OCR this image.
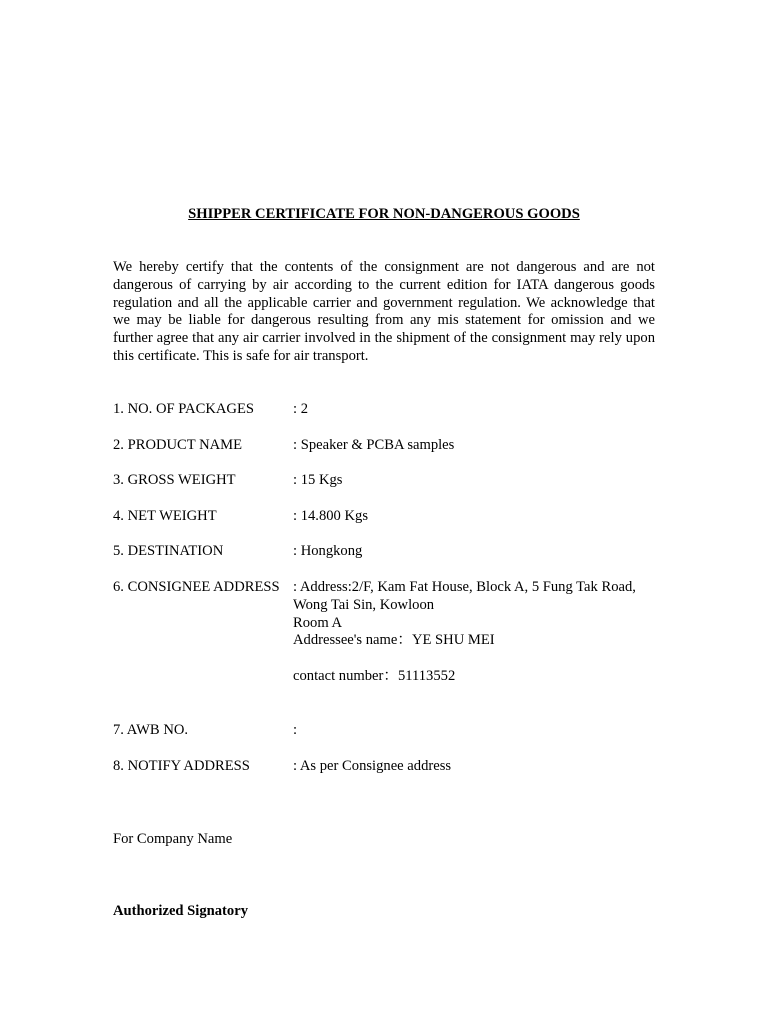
SHIPPER CERTIFICATE FOR NON-DANGEROUS GOODS

We hereby certify that the contents of the consignment are not dangerous and are not dangerous of carrying by air according to the current edition for IATA dangerous goods regulation and all the applicable carrier and government regulation. We acknowledge that we may be liable for dangerous resulting from any mis statement for omission and we further agree that any air carrier involved in the shipment of the consignment may rely upon this certificate. This is safe for air transport.

1. NO. OF PACKAGES	: 2
2. PRODUCT NAME	: Speaker & PCBA samples
3. GROSS WEIGHT	: 15 Kgs
4. NET WEIGHT	: 14.800 Kgs
5. DESTINATION	: Hongkong
6. CONSIGNEE ADDRESS : Address:2/F, Kam Fat House, Block A, 5 Fung Tak Road,
Wong Tai Sin, Kowloon
Room A
Addressee's name：YE SHU MEI
contact number：51113552
7. AWB NO.	:
8. NOTIFY ADDRESS	: As per Consignee address
For Company Name
Authorized Signatory
